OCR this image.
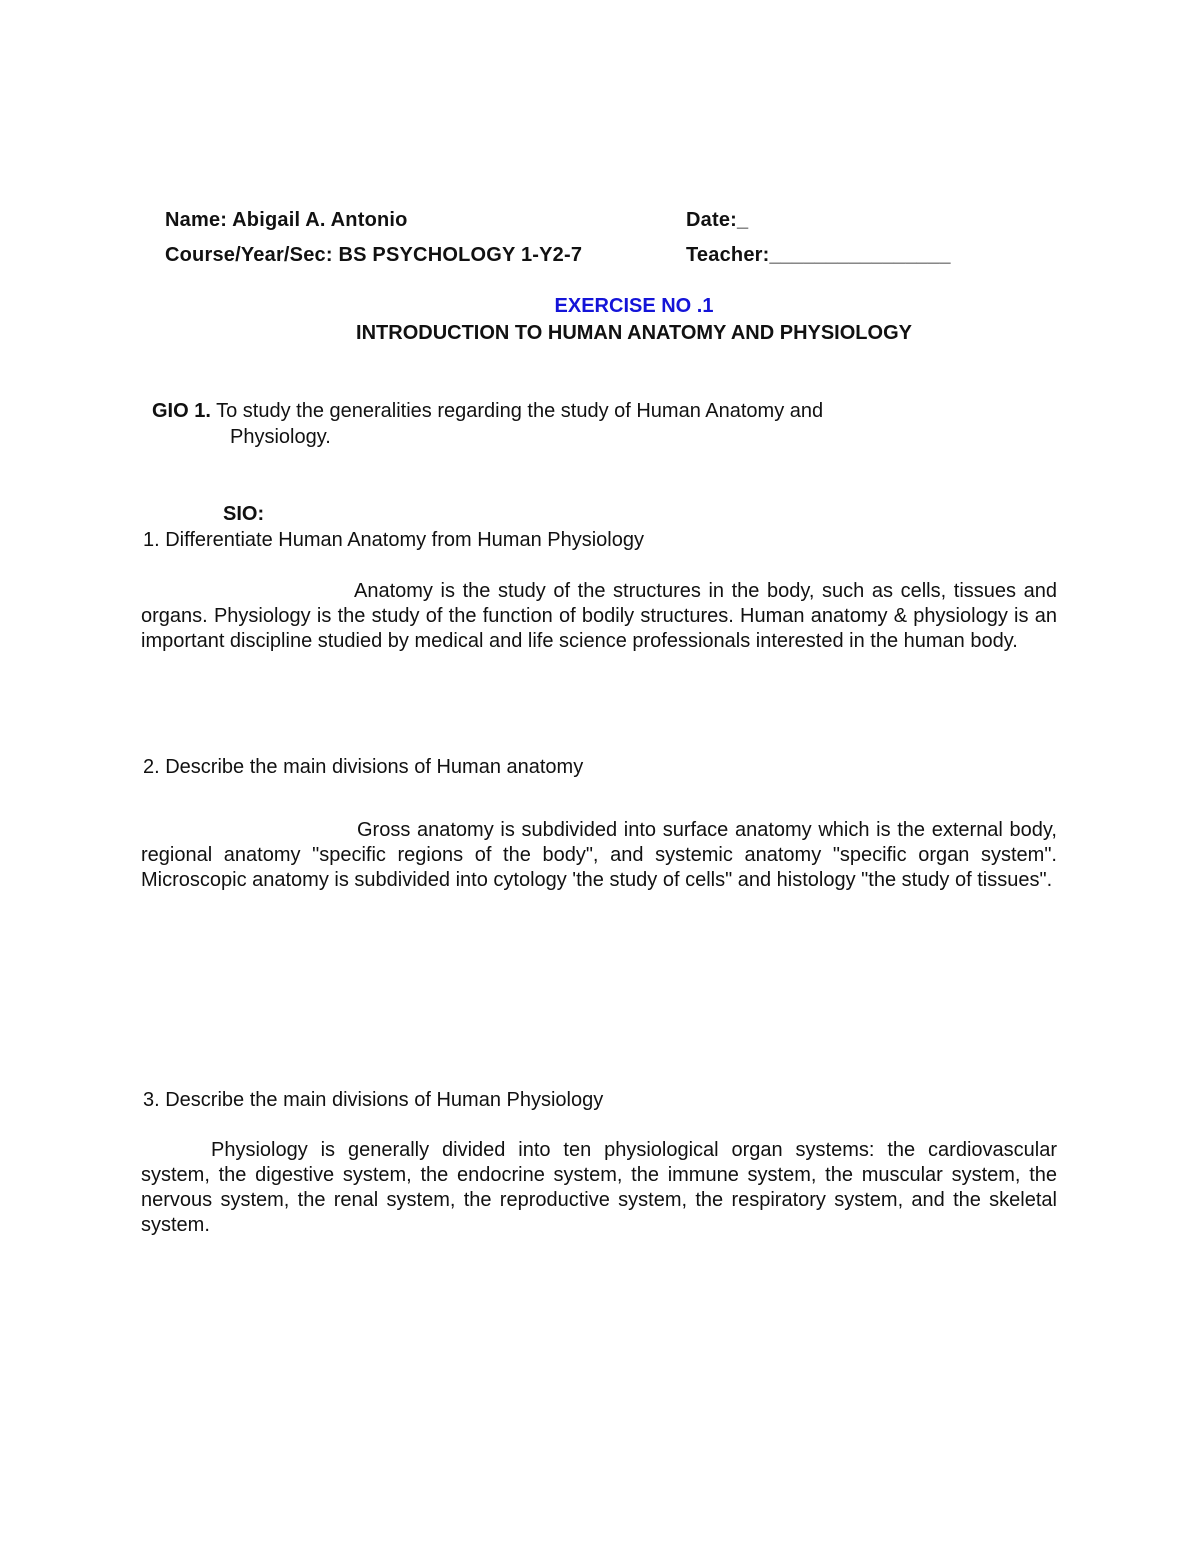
Name: Abigail A. Antonio	Date:_
Course/Year/Sec: BS PSYCHOLOGY 1-Y2-7	Teacher:________________
EXERCISE NO .1
INTRODUCTION TO HUMAN ANATOMY AND PHYSIOLOGY
GIO 1. To study the generalities regarding the study of Human Anatomy and
Physiology.
SIO:
1. Differentiate Human Anatomy from Human Physiology
Anatomy is the study of the structures in the body, such as cells, tissues and organs. Physiology is the study of the function of bodily structures. Human anatomy & physiology is an important discipline studied by medical and life science professionals interested in the human body.
2. Describe the main divisions of Human anatomy
Gross anatomy is subdivided into surface anatomy which is the external body, regional anatomy "specific regions of the body", and systemic anatomy "specific organ system". Microscopic anatomy is subdivided into cytology 'the study of cells" and histology "the study of tissues".
3. Describe the main divisions of Human Physiology
Physiology is generally divided into ten physiological organ systems: the cardiovascular system, the digestive system, the endocrine system, the immune system, the muscular system, the nervous system, the renal system, the reproductive system, the respiratory system, and the skeletal system.
